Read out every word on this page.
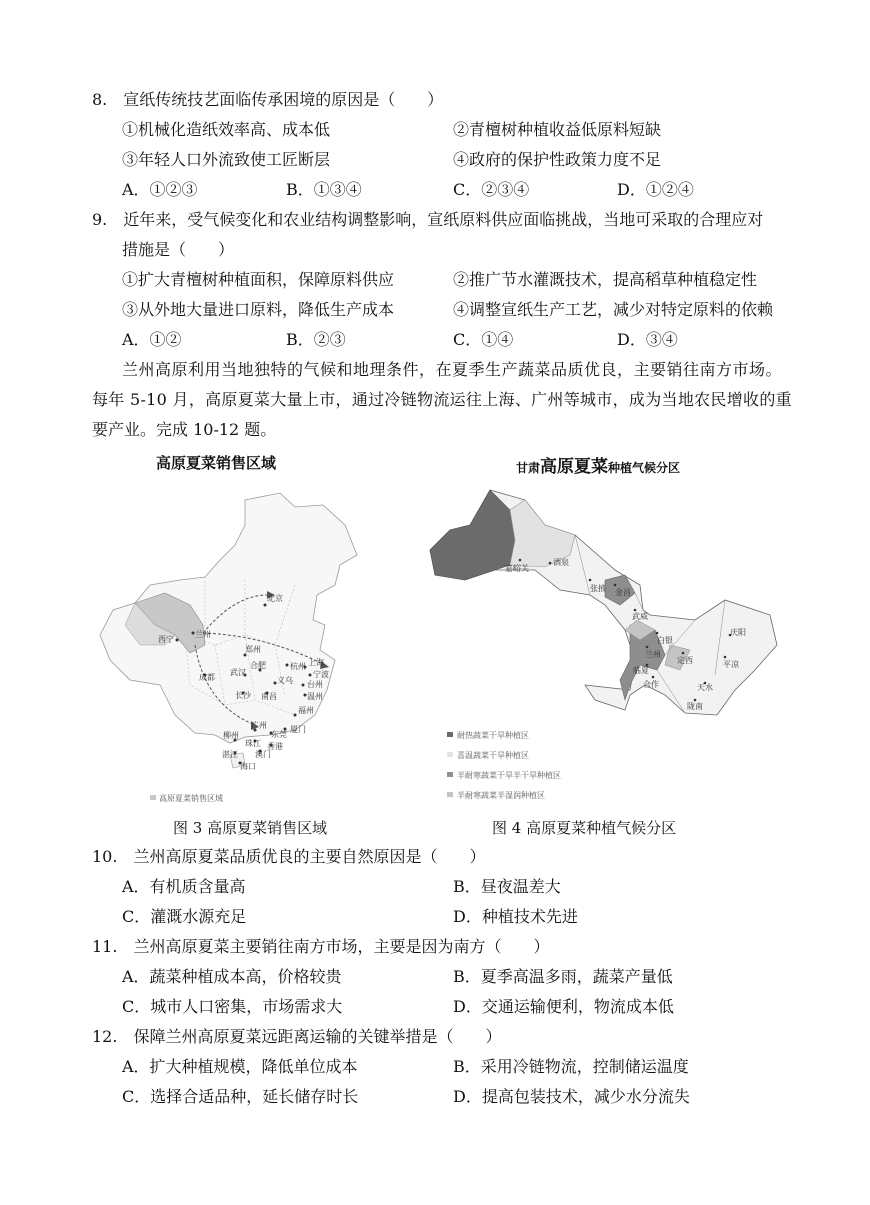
8.　宣纸传统技艺面临传承困境的原因是（　　）
①机械化造纸效率高、成本低	②青檀树种植收益低原料短缺
③年轻人口外流致使工匠断层	④政府的保护性政策力度不足
A．①②③	B．①③④	C．②③④	D．①②④
9.　近年来，受气候变化和农业结构调整影响，宣纸原料供应面临挑战，当地可采取的合理应对
措施是（　　）
①扩大青檀树种植面积，保障原料供应	②推广节水灌溉技术，提高稻草种植稳定性
③从外地大量进口原料，降低生产成本	④调整宣纸生产工艺，减少对特定原料的依赖
A．①②	B．②③	C．①④	D．③④
兰州高原利用当地独特的气候和地理条件，在夏季生产蔬菜品质优良，主要销往南方市场。
每年 5-10 月，高原夏菜大量上市，通过冷链物流运往上海、广州等城市，成为当地农民增收的重
要产业。完成 10-12 题。
高原夏菜销售区域
北京
西宁
兰州
郑州
合肥	杭州 上海
宁波
成都
武汉
义乌 台州
长沙 南昌	温州
福州
厦门
广州
东莞
柳州
珠江 香港
湛江 澳门
海口
高原夏菜销售区域
图 3 高原夏菜销售区域
甘肃高原夏菜种植气候分区
嘉峪关
酒泉
金昌
张掖
武威
白银
兰州
定西
临夏
合作
庆阳
平凉
天水
陇南
耐热蔬菜干旱种植区
喜温蔬菜干旱种植区
半耐寒蔬菜干旱半干旱种植区
半耐寒蔬菜半湿润种植区
图 4 高原夏菜种植气候分区
10.　兰州高原夏菜品质优良的主要自然原因是（　　）
A．有机质含量高	B．昼夜温差大
C．灌溉水源充足	D．种植技术先进
11.　兰州高原夏菜主要销往南方市场，主要是因为南方（　　）
A．蔬菜种植成本高，价格较贵	B．夏季高温多雨，蔬菜产量低
C．城市人口密集，市场需求大	D．交通运输便利，物流成本低
12.　保障兰州高原夏菜远距离运输的关键举措是（　　）
A．扩大种植规模，降低单位成本	B．采用冷链物流，控制储运温度
C．选择合适品种，延长储存时长	D．提高包装技术，减少水分流失
